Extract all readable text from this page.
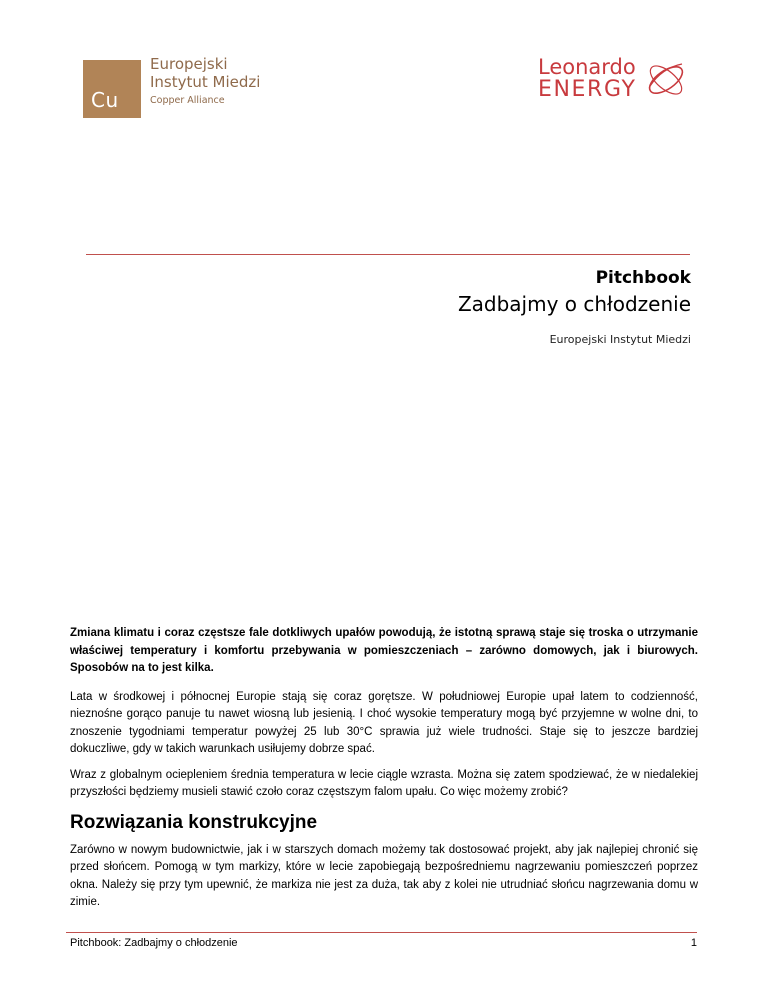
Cu
Europejski
Instytut Miedzi
Copper Alliance
Leonardo
ENERGY
Pitchbook
Zadbajmy o chłodzenie
Europejski Instytut Miedzi

Zmiana klimatu i coraz częstsze fale dotkliwych upałów powodują, że istotną sprawą staje się troska o utrzymanie właściwej temperatury i komfortu przebywania w pomieszczeniach – zarówno domowych, jak i biurowych. Sposobów na to jest kilka.

Lata w środkowej i północnej Europie stają się coraz gorętsze. W południowej Europie upał latem to codzienność, nieznośne gorąco panuje tu nawet wiosną lub jesienią. I choć wysokie temperatury mogą być przyjemne w wolne dni, to znoszenie tygodniami temperatur powyżej 25 lub 30°C sprawia już wiele trudności. Staje się to jeszcze bardziej dokuczliwe, gdy w takich warunkach usiłujemy dobrze spać.

Wraz z globalnym ociepleniem średnia temperatura w lecie ciągle wzrasta. Można się zatem spodziewać, że w niedalekiej przyszłości będziemy musieli stawić czoło coraz częstszym falom upału. Co więc możemy zrobić?

Rozwiązania konstrukcyjne

Zarówno w nowym budownictwie, jak i w starszych domach możemy tak dostosować projekt, aby jak najlepiej chronić się przed słońcem. Pomogą w tym markizy, które w lecie zapobiegają bezpośredniemu nagrzewaniu pomieszczeń poprzez okna. Należy się przy tym upewnić, że markiza nie jest za duża, tak aby z kolei nie utrudniać słońcu nagrzewania domu w zimie.

Pitchbook: Zadbajmy o chłodzenie	1
